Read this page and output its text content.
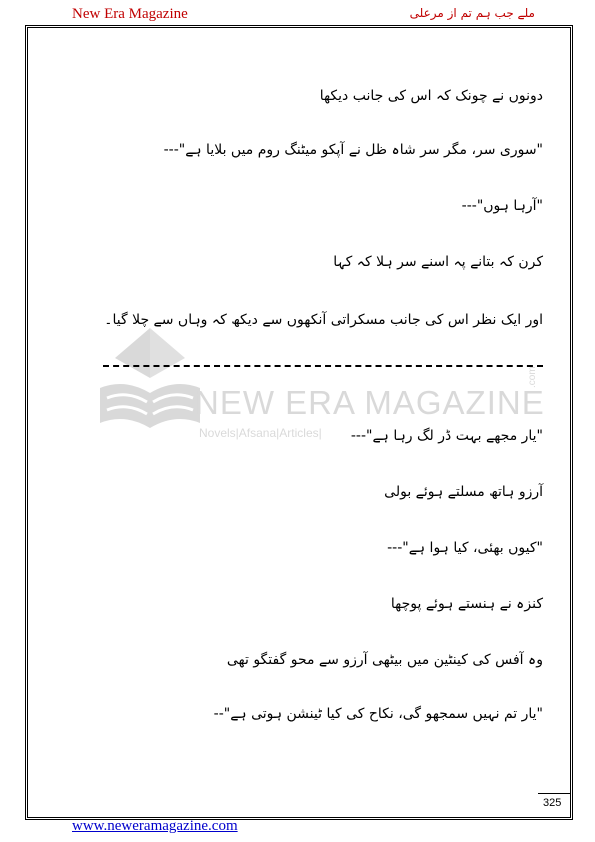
New Era Magazine	ملے جب ہم تم از مرعلی
NEW ERA MAGAZINE
Novels|Afsana|Articles|
.com
دونوں نے چونک کہ اس کی جانب دیکھا
"سوری سر، مگر سر شاہ ظل نے آپکو میٹنگ روم میں بلایا ہے"---
"آرہا ہوں"---
کرن کہ بتانے پہ اسنے سر ہلا کہ کہا
اور ایک نظر اس کی جانب مسکراتی آنکھوں سے دیکھ کہ وہاں سے چلا گیا۔
"یار مجھے بہت ڈر لگ رہا ہے"---
آرزو ہاتھ مسلتے ہوئے بولی
"کیوں بھئی، کیا ہوا ہے"---
کنزہ نے ہنستے ہوئے پوچھا
وہ آفس کی کینٹین میں بیٹھی آرزو سے محو گفتگو تھی
"یار تم نہیں سمجھو گی، نکاح کی کیا ٹینشن ہوتی ہے"--
325
www.neweramagazine.com
